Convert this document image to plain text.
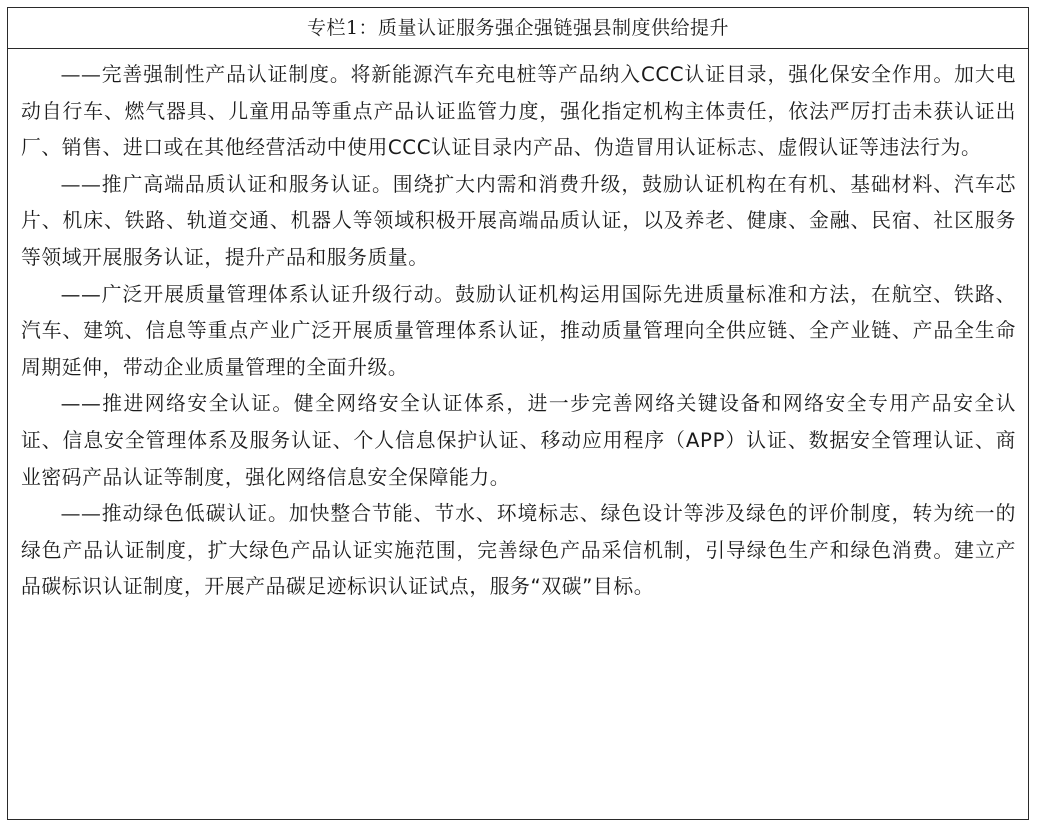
专栏1：质量认证服务强企强链强县制度供给提升

——完善强制性产品认证制度。将新能源汽车充电桩等产品纳入CCC认证目录，强化保安全作用。加大电动自行车、燃气器具、儿童用品等重点产品认证监管力度，强化指定机构主体责任，依法严厉打击未获认证出厂、销售、进口或在其他经营活动中使用CCC认证目录内产品、伪造冒用认证标志、虚假认证等违法行为。

——推广高端品质认证和服务认证。围绕扩大内需和消费升级，鼓励认证机构在有机、基础材料、汽车芯片、机床、铁路、轨道交通、机器人等领域积极开展高端品质认证，以及养老、健康、金融、民宿、社区服务等领域开展服务认证，提升产品和服务质量。

——广泛开展质量管理体系认证升级行动。鼓励认证机构运用国际先进质量标准和方法，在航空、铁路、汽车、建筑、信息等重点产业广泛开展质量管理体系认证，推动质量管理向全供应链、全产业链、产品全生命周期延伸，带动企业质量管理的全面升级。

——推进网络安全认证。健全网络安全认证体系，进一步完善网络关键设备和网络安全专用产品安全认证、信息安全管理体系及服务认证、个人信息保护认证、移动应用程序（APP）认证、数据安全管理认证、商业密码产品认证等制度，强化网络信息安全保障能力。

——推动绿色低碳认证。加快整合节能、节水、环境标志、绿色设计等涉及绿色的评价制度，转为统一的绿色产品认证制度，扩大绿色产品认证实施范围，完善绿色产品采信机制，引导绿色生产和绿色消费。建立产品碳标识认证制度，开展产品碳足迹标识认证试点，服务“双碳”目标。
